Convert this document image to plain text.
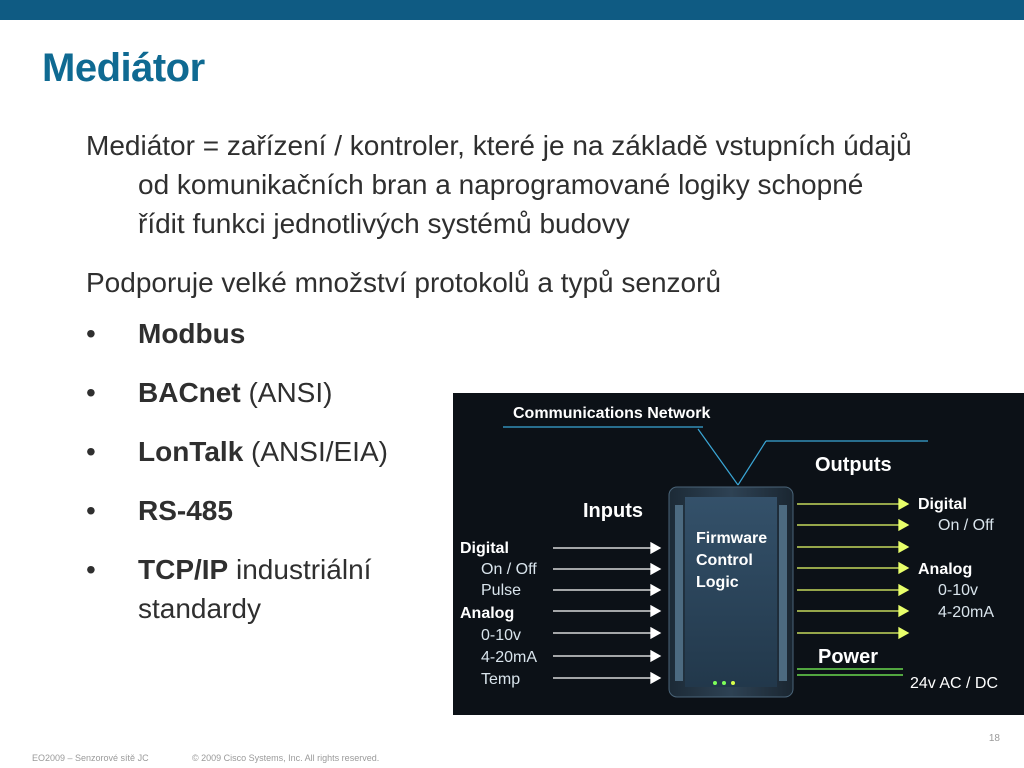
Mediátor

Mediátor = zařízení / kontroler, které je na základě vstupních údajů od komunikačních bran a naprogramované logiky schopné řídit funkci jednotlivých systémů budovy

Podporuje velké množství protokolů a typů senzorů

• Modbus
• BACnet (ANSI)
• LonTalk (ANSI/EIA)
• RS-485
• TCP/IP industriální standardy
Communications Network
Outputs
Inputs
Firmware
Control
Logic
Digital
On / Off
Pulse
Analog
0-10v
4-20mA
Temp
Digital
On / Off
Analog
0-10v
4-20mA
Power
24v AC / DC
EO2009 – Senzorové sítě JC	© 2009 Cisco Systems, Inc. All rights reserved.
18
